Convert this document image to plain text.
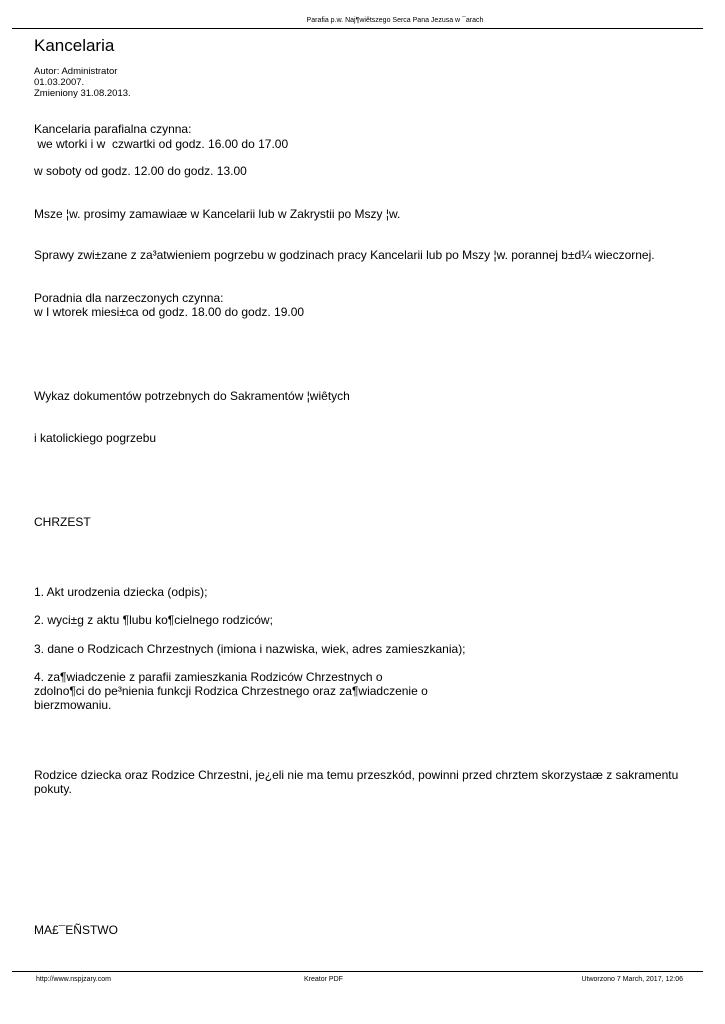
Parafia p.w. Naj¶wiêtszego Serca Pana Jezusa w ¯arach
Kancelaria
Autor: Administrator
01.03.2007.
Zmieniony 31.08.2013.
Kancelaria parafialna czynna:
we wtorki i w  czwartki od godz. 16.00 do 17.00
w soboty od godz. 12.00 do godz. 13.00
Msze ¦w. prosimy zamawiaæ w Kancelarii lub w Zakrystii po Mszy ¦w.
Sprawy zwi±zane z za³atwieniem pogrzebu w godzinach pracy Kancelarii lub po Mszy ¦w. porannej b±d¼ wieczornej.
Poradnia dla narzeczonych czynna:
w I wtorek miesi±ca od godz. 18.00 do godz. 19.00
Wykaz dokumentów potrzebnych do Sakramentów ¦wiêtych
i katolickiego pogrzebu
CHRZEST
1. Akt urodzenia dziecka (odpis);
2. wyci±g z aktu ¶lubu ko¶cielnego rodziców;
3. dane o Rodzicach Chrzestnych (imiona i nazwiska, wiek, adres zamieszkania);
4. za¶wiadczenie z parafii zamieszkania Rodziców Chrzestnych o
zdolno¶ci do pe³nienia funkcji Rodzica Chrzestnego oraz za¶wiadczenie o
bierzmowaniu.
Rodzice dziecka oraz Rodzice Chrzestni, je¿eli nie ma temu przeszkód, powinni przed chrztem skorzystaæ z sakramentu
pokuty.
MA£¯EÑSTWO
http://www.nspjzary.com	Kreator PDF	Utworzono 7 March, 2017, 12:06
